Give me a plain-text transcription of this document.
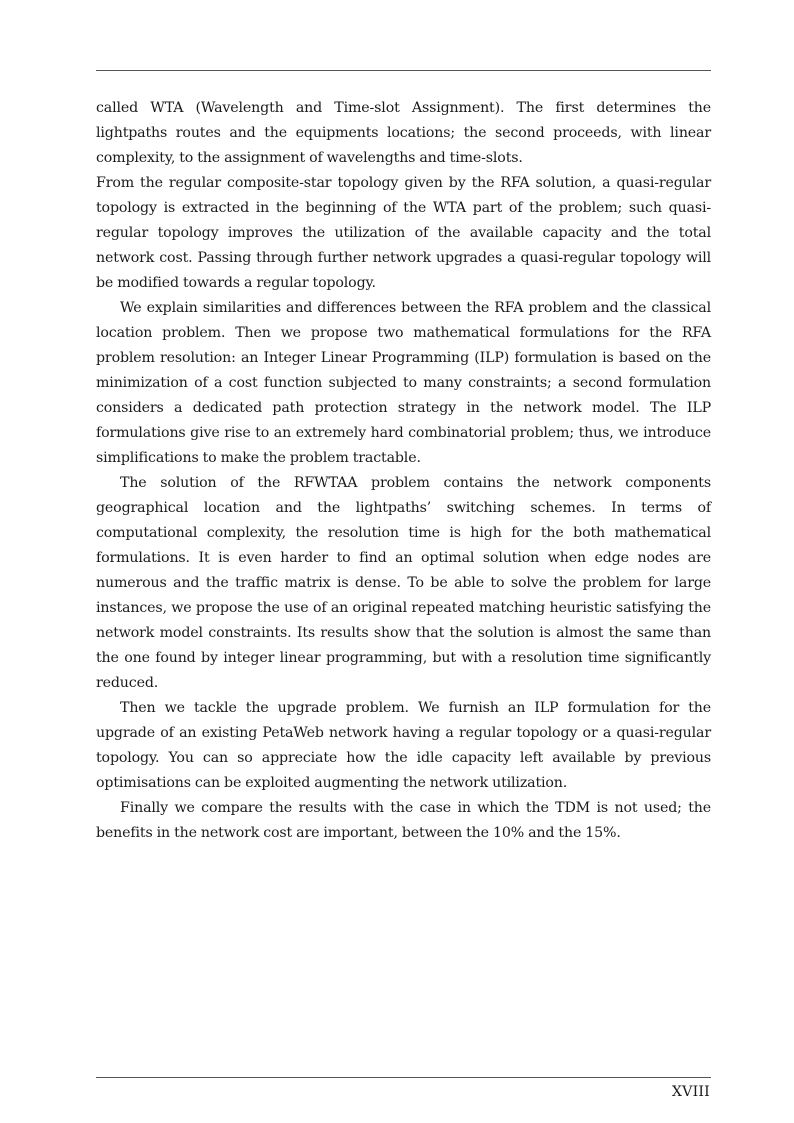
called WTA (Wavelength and Time-slot Assignment). The first determines the lightpaths routes and the equipments locations; the second proceeds, with linear complexity, to the assignment of wavelengths and time-slots.

From the regular composite-star topology given by the RFA solution, a quasi-regular topology is extracted in the beginning of the WTA part of the problem; such quasi-regular topology improves the utilization of the available capacity and the total network cost. Passing through further network upgrades a quasi-regular topology will be modified towards a regular topology.

We explain similarities and differences between the RFA problem and the classical location problem. Then we propose two mathematical formulations for the RFA problem resolution: an Integer Linear Programming (ILP) formulation is based on the minimization of a cost function subjected to many constraints; a second formulation considers a dedicated path protection strategy in the network model. The ILP formulations give rise to an extremely hard combinatorial problem; thus, we introduce simplifications to make the problem tractable.

The solution of the RFWTAA problem contains the network components geographical location and the lightpaths’ switching schemes. In terms of computational complexity, the resolution time is high for the both mathematical formulations. It is even harder to find an optimal solution when edge nodes are numerous and the traffic matrix is dense. To be able to solve the problem for large instances, we propose the use of an original repeated matching heuristic satisfying the network model constraints. Its results show that the solution is almost the same than the one found by integer linear programming, but with a resolution time significantly reduced.

Then we tackle the upgrade problem. We furnish an ILP formulation for the upgrade of an existing PetaWeb network having a regular topology or a quasi-regular topology. You can so appreciate how the idle capacity left available by previous optimisations can be exploited augmenting the network utilization.

Finally we compare the results with the case in which the TDM is not used; the benefits in the network cost are important, between the 10% and the 15%.

XVIII
